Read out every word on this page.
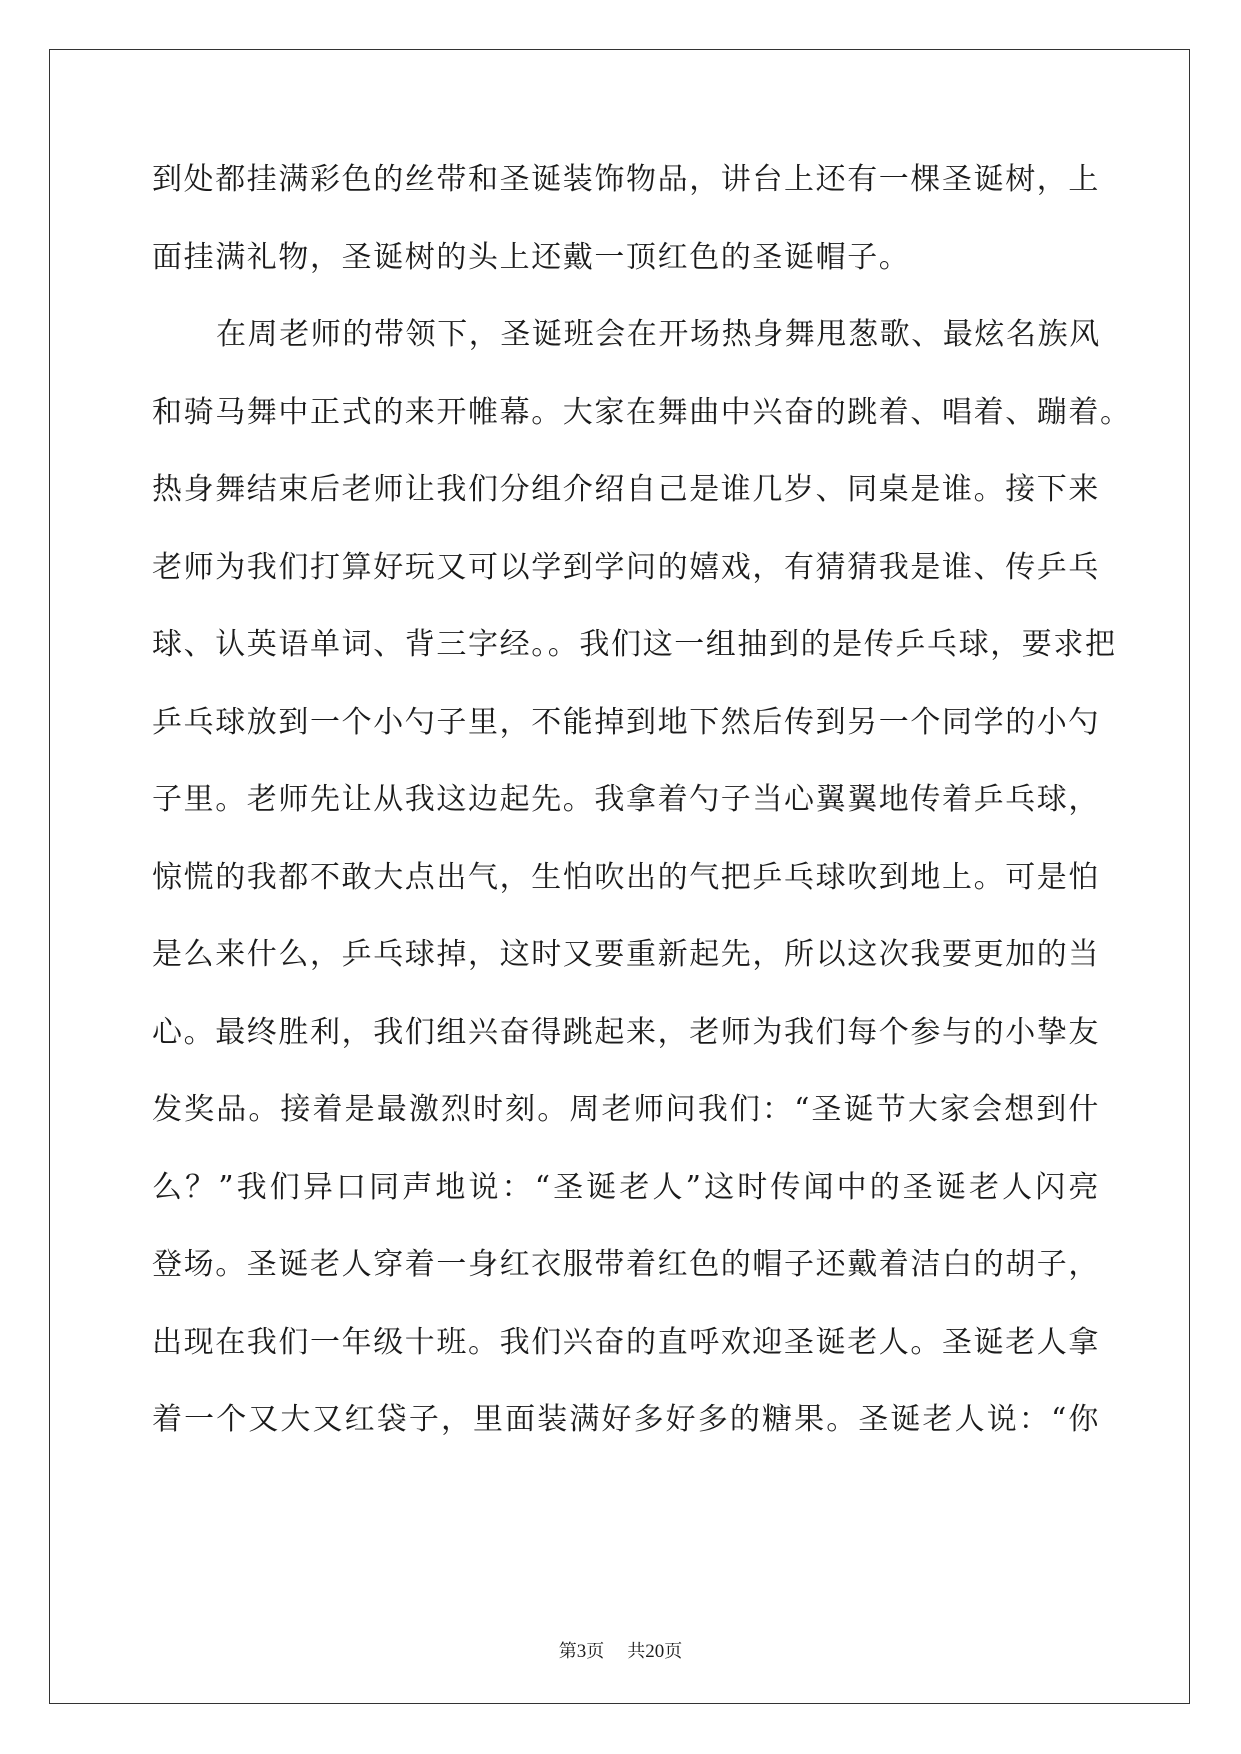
到处都挂满彩色的丝带和圣诞装饰物品，讲台上还有一棵圣诞树，上
面挂满礼物，圣诞树的头上还戴一顶红色的圣诞帽子。
在周老师的带领下，圣诞班会在开场热身舞甩葱歌、最炫名族风
和骑马舞中正式的来开帷幕。大家在舞曲中兴奋的跳着、唱着、蹦着。
热身舞结束后老师让我们分组介绍自己是谁几岁、同桌是谁。接下来
老师为我们打算好玩又可以学到学问的嬉戏，有猜猜我是谁、传乒乓
球、认英语单词、背三字经。。我们这一组抽到的是传乒乓球，要求把
乒乓球放到一个小勺子里，不能掉到地下然后传到另一个同学的小勺
子里。老师先让从我这边起先。我拿着勺子当心翼翼地传着乒乓球，
惊慌的我都不敢大点出气，生怕吹出的气把乒乓球吹到地上。可是怕
是么来什么，乒乓球掉，这时又要重新起先，所以这次我要更加的当
心。最终胜利，我们组兴奋得跳起来，老师为我们每个参与的小挚友
发奖品。接着是最激烈时刻。周老师问我们：“圣诞节大家会想到什
么？”我们异口同声地说：“圣诞老人”这时传闻中的圣诞老人闪亮
登场。圣诞老人穿着一身红衣服带着红色的帽子还戴着洁白的胡子，
出现在我们一年级十班。我们兴奋的直呼欢迎圣诞老人。圣诞老人拿
着一个又大又红袋子，里面装满好多好多的糖果。圣诞老人说：“你
第3页 共20页
